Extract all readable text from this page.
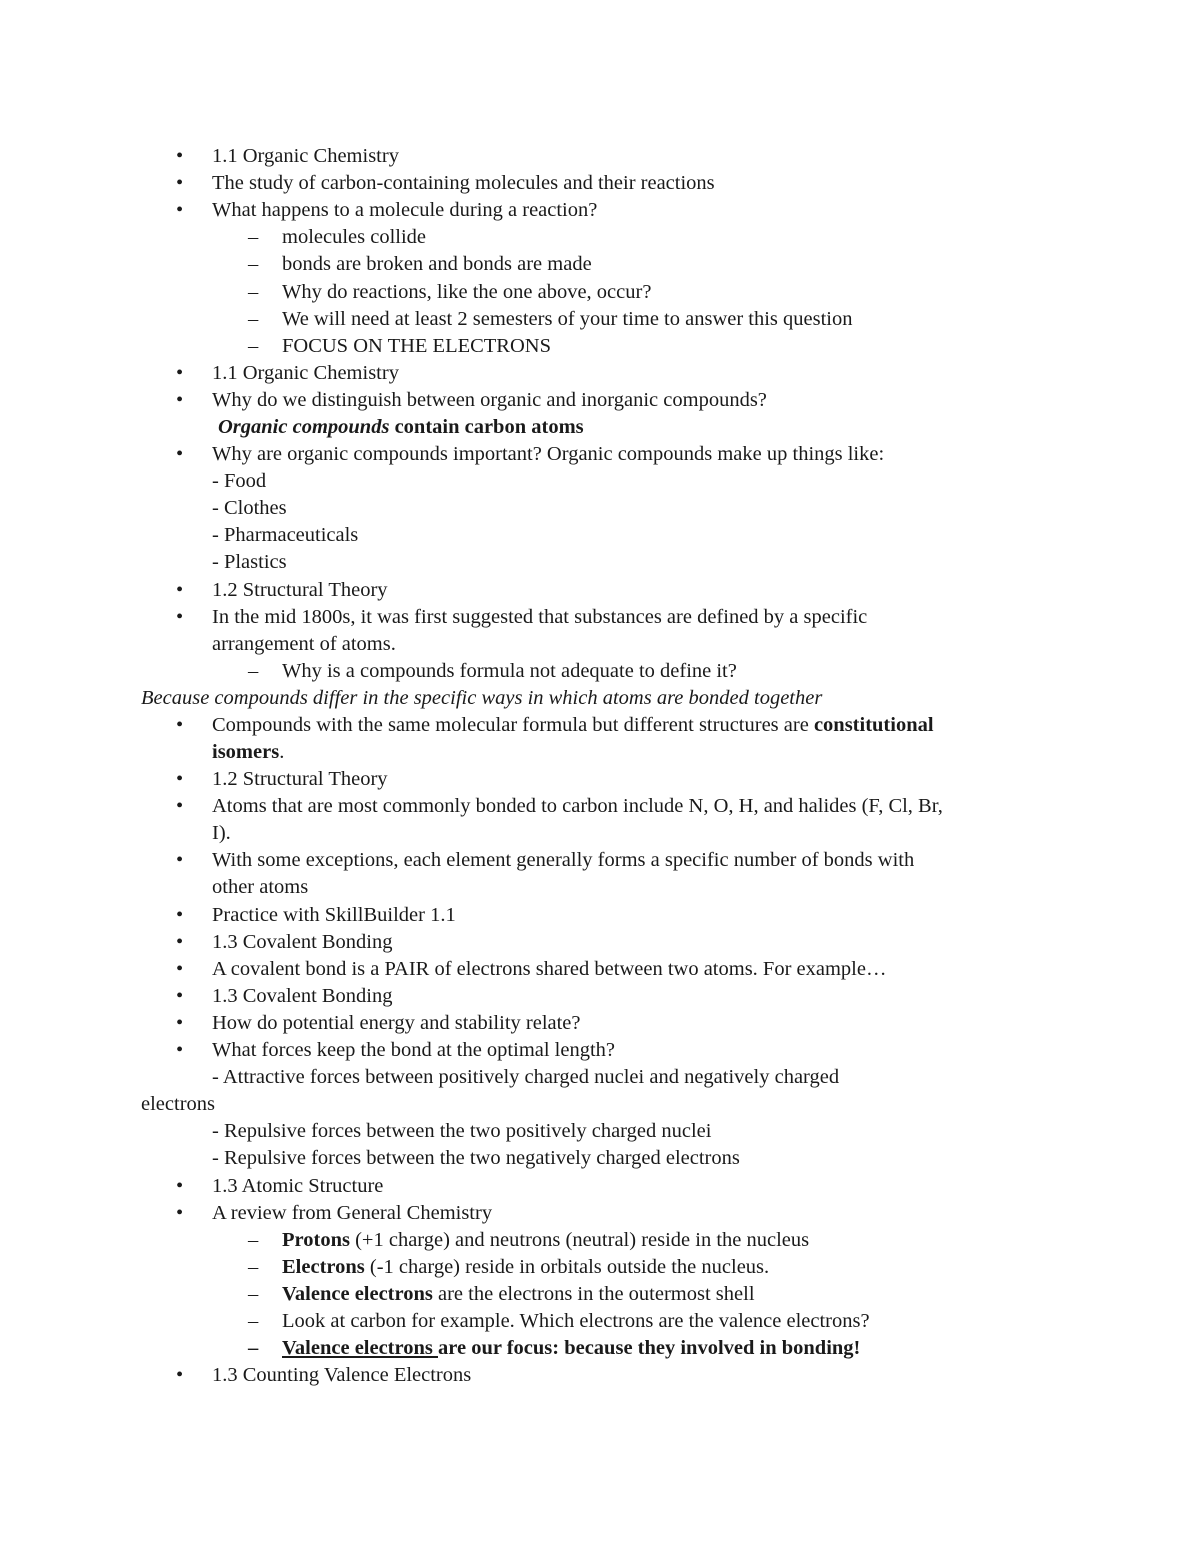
• 1.1 Organic Chemistry
• The study of carbon-containing molecules and their reactions
• What happens to a molecule during a reaction?
– molecules collide
– bonds are broken and bonds are made
– Why do reactions, like the one above, occur?
– We will need at least 2 semesters of your time to answer this question
– FOCUS ON THE ELECTRONS
• 1.1 Organic Chemistry
• Why do we distinguish between organic and inorganic compounds?
Organic compounds contain carbon atoms
• Why are organic compounds important? Organic compounds make up things like:
- Food
- Clothes
- Pharmaceuticals
- Plastics
• 1.2 Structural Theory
• In the mid 1800s, it was first suggested that substances are defined by a specific
arrangement of atoms.
– Why is a compounds formula not adequate to define it?
Because compounds differ in the specific ways in which atoms are bonded together
• Compounds with the same molecular formula but different structures are constitutional
isomers.
• 1.2 Structural Theory
• Atoms that are most commonly bonded to carbon include N, O, H, and halides (F, Cl, Br,
I).
• With some exceptions, each element generally forms a specific number of bonds with
other atoms
• Practice with SkillBuilder 1.1
• 1.3 Covalent Bonding
• A covalent bond is a PAIR of electrons shared between two atoms. For example…
• 1.3 Covalent Bonding
• How do potential energy and stability relate?
• What forces keep the bond at the optimal length?
- Attractive forces between positively charged nuclei and negatively charged
electrons
- Repulsive forces between the two positively charged nuclei
- Repulsive forces between the two negatively charged electrons
• 1.3 Atomic Structure
• A review from General Chemistry
– Protons (+1 charge) and neutrons (neutral) reside in the nucleus
– Electrons (-1 charge) reside in orbitals outside the nucleus.
– Valence electrons are the electrons in the outermost shell
– Look at carbon for example. Which electrons are the valence electrons?
– Valence electrons are our focus: because they involved in bonding!
• 1.3 Counting Valence Electrons
